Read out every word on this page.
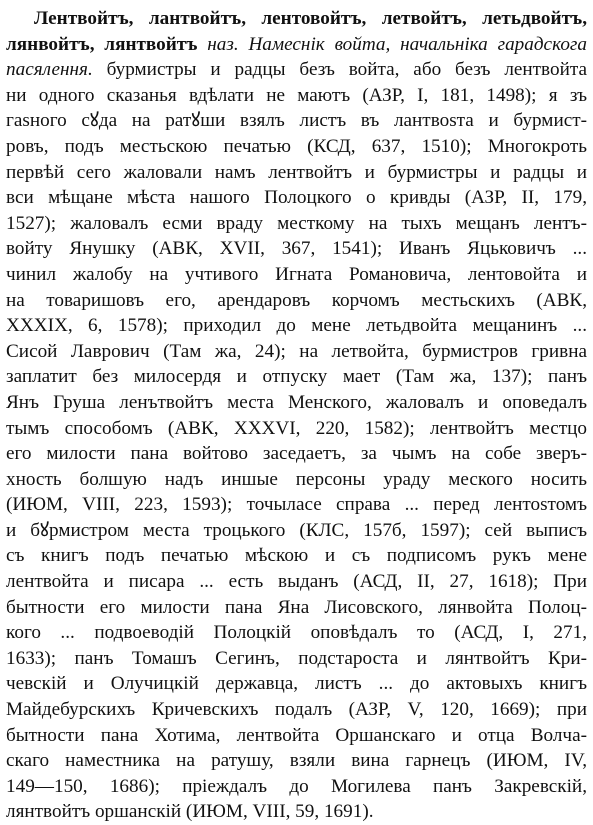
Лентвойтъ, лантвойтъ, лентовойтъ, летвойтъ, летьдвойтъ,
лянвойтъ, лянтвойтъ наз. Намеснік войта, начальніка гарадскога
пасялення. бурмистры и радцы безъ войта, або безъ лентвойта
ни одного сказанья вдѣлати не маютъ (АЗР, I, 181, 1498); я зъ
гаѕного сꙋда на ратꙋши взялъ листъ въ лантвоѕта и бурмист-
ровъ, подъ местьскою печатью (КСД, 637, 1510); Многокроть
первѣй сего жаловали намъ лентвойтъ и бурмистры и радцы и
вси мѣщане мѣста нашого Полоцкого о кривды (АЗР, II, 179,
1527); жаловалъ есми враду месткому на тыхъ мещанъ лентъ-
войту Янушку (АВК, XVII, 367, 1541); Иванъ Яцьковичъ ...
чинил жалобу на учтивого Игната Романовича, лентовойта и
на товаришовъ его, арендаровъ корчомъ местьскихъ (АВК,
XXXIX, 6, 1578); приходил до мене летьдвойта мещанинъ ...
Сисой Лаврович (Там жа, 24); на летвойта, бурмистров гривна
заплатит без милосердя и отпуску мает (Там жа, 137); панъ
Янъ Груша ленътвойтъ места Менского, жаловалъ и оповедалъ
тымъ способомъ (АВК, XXXVI, 220, 1582); лентвойтъ местцо
его милости пана войтово заседаетъ, за чымъ на собе зверъ-
хность болшую надъ иншые персоны ураду меского носить
(ИЮМ, VIII, 223, 1593); точыласе справа ... перед лентоѕтомъ
и бꙋрмистром места троцького (КЛС, 157б, 1597); сей выписъ
съ книгъ подъ печатью мѣскою и съ подписомъ рукъ мене
лентвойта и писара ... есть выданъ (АСД, II, 27, 1618); При
бытности его милости пана Яна Лисовского, лянвойта Полоц-
кого ... подвоеводій Полоцкій оповѣдалъ то (АСД, I, 271,
1633); панъ Томашъ Сегинъ, подстароста и лянтвойтъ Кри-
чевскій и Олучицкій державца, листъ ... до актовыхъ книгъ
Майдебурскихъ Кричевскихъ подалъ (АЗР, V, 120, 1669); при
бытности пана Хотима, лентвойта Оршанскаго и отца Волча-
скаго наместника на ратушу, взяли вина гарнецъ (ИЮМ, IV,
149—150, 1686); пріеждалъ до Могилева панъ Закревскій,
лянтвойтъ оршанскій (ИЮМ, VIII, 59, 1691).
